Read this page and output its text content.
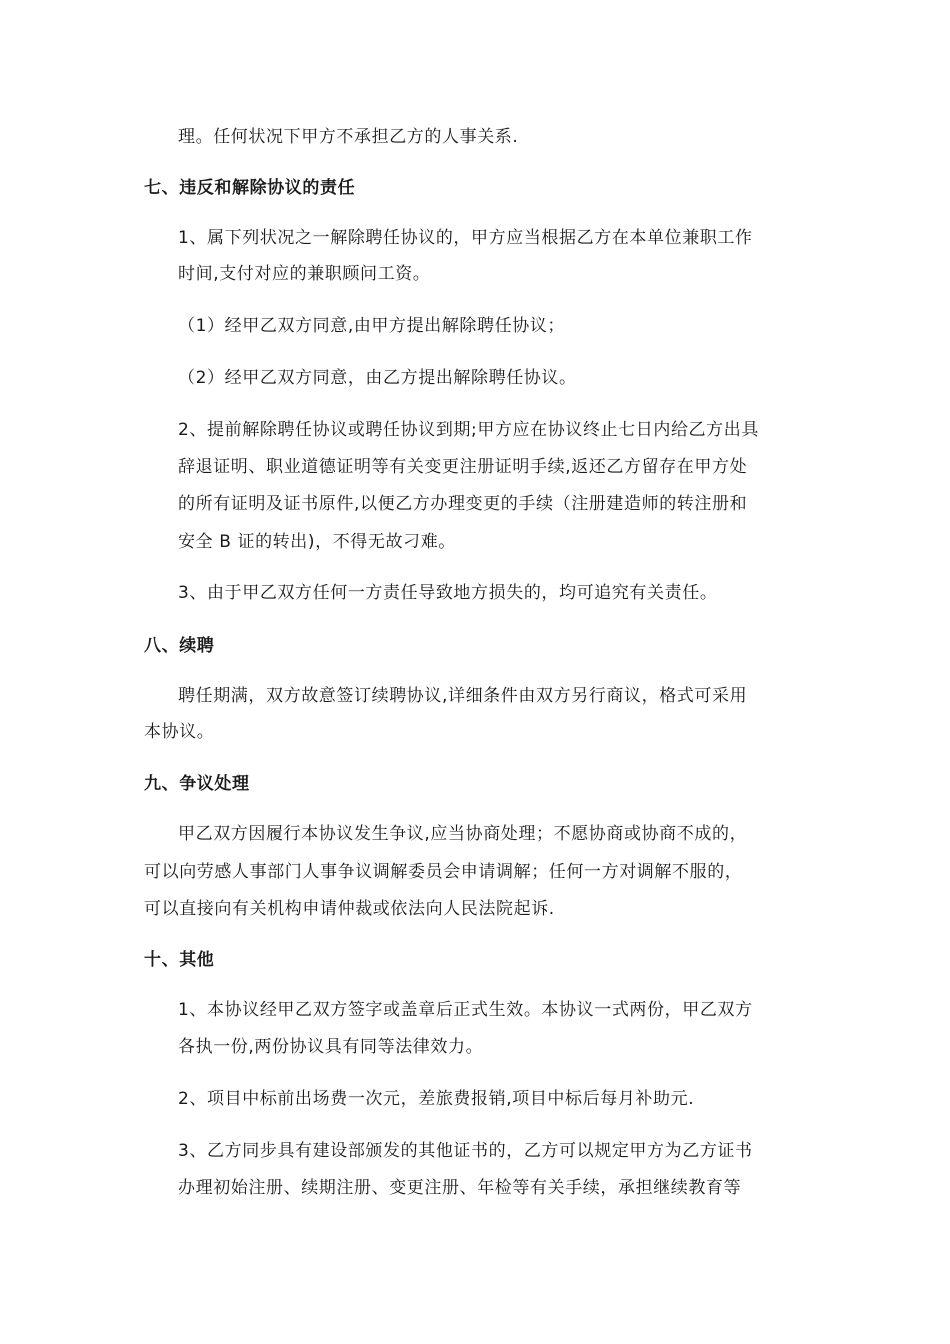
理。任何状况下甲方不承担乙方的人事关系.

七、违反和解除协议的责任

1、属下列状况之一解除聘任协议的，甲方应当根据乙方在本单位兼职工作

时间,支付对应的兼职顾问工资。

（1）经甲乙双方同意,由甲方提出解除聘任协议；

（2）经甲乙双方同意，由乙方提出解除聘任协议。

2、提前解除聘任协议或聘任协议到期;甲方应在协议终止七日内给乙方出具

辞退证明、职业道德证明等有关变更注册证明手续,返还乙方留存在甲方处

的所有证明及证书原件,以便乙方办理变更的手续（注册建造师的转注册和

安全 B 证的转出)，不得无故刁难。

3、由于甲乙双方任何一方责任导致地方损失的，均可追究有关责任。

八、续聘

聘任期满，双方故意签订续聘协议,详细条件由双方另行商议，格式可采用

本协议。

九、争议处理

甲乙双方因履行本协议发生争议,应当协商处理；不愿协商或协商不成的，

可以向劳感人事部门人事争议调解委员会申请调解；任何一方对调解不服的，

可以直接向有关机构申请仲裁或依法向人民法院起诉.

十、其他

1、本协议经甲乙双方签字或盖章后正式生效。本协议一式两份，甲乙双方

各执一份,两份协议具有同等法律效力。

2、项目中标前出场费一次元，差旅费报销,项目中标后每月补助元.

3、乙方同步具有建设部颁发的其他证书的，乙方可以规定甲方为乙方证书

办理初始注册、续期注册、变更注册、年检等有关手续，承担继续教育等
